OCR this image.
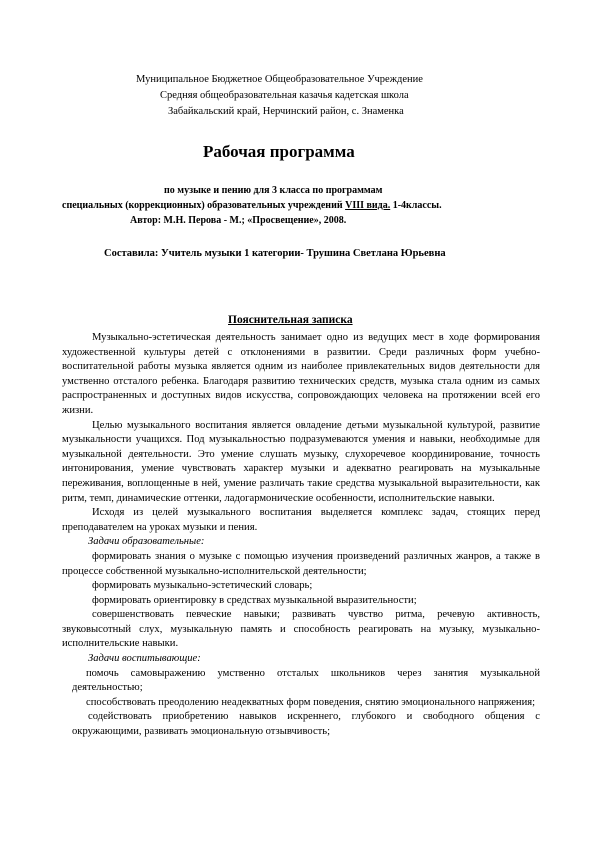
Муниципальное Бюджетное Общеобразовательное Учреждение
Средняя общеобразовательная казачья кадетская школа
Забайкальский край, Нерчинский район, с. Знаменка
Рабочая программа
по музыке и пению для 3 класса по программам
специальных (коррекционных) образовательных учреждений VIII вида. 1-4классы.
Автор: М.Н. Перова - М.; «Просвещение», 2008.
Составила: Учитель музыки 1 категории- Трушина Светлана Юрьевна
Пояснительная записка

Музыкально-эстетическая деятельность занимает одно из ведущих мест в ходе формирования художественной культуры детей с отклонениями в развитии. Среди различных форм учебно-воспитательной работы музыка является одним из наиболее привлекательных видов деятельности для умственно отсталого ребенка. Благодаря развитию технических средств, музыка стала одним из самых распространенных и доступных видов искусства, сопровождающих человека на протяжении всей его жизни.

Целью музыкального воспитания является овладение детьми музыкальной культурой, развитие музыкальности учащихся. Под музыкальностью подразумеваются умения и навыки, необходимые для музыкальной деятельности. Это умение слушать музыку, слухоречевое координирование, точность интонирования, умение чувствовать характер музыки и адекватно реагировать на музыкальные переживания, воплощенные в ней, умение различать такие средства музыкальной выразительности, как ритм, темп, динамические оттенки, ладогармонические особенности, исполнительские навыки.

Исходя из целей музыкального воспитания выделяется комплекс задач, стоящих перед преподавателем на уроках музыки и пения.

Задачи образовательные:

формировать знания о музыке с помощью изучения произведений различных жанров, а также в процессе собственной музыкально-исполнительской деятельности;

формировать музыкально-эстетический словарь;

формировать ориентировку в средствах музыкальной выразительности;

совершенствовать певческие навыки; развивать чувство ритма, речевую активность, звуковысотный слух, музыкальную память и способность реагировать на музыку, музыкально-исполнительские навыки.

Задачи воспитывающие:

помочь самовыражению умственно отсталых школьников через занятия музыкальной деятельностью;

способствовать преодолению неадекватных форм поведения, снятию эмоционального напряжения;

содействовать приобретению навыков искреннего, глубокого и свободного общения с окружающими, развивать эмоциональную отзывчивость;
